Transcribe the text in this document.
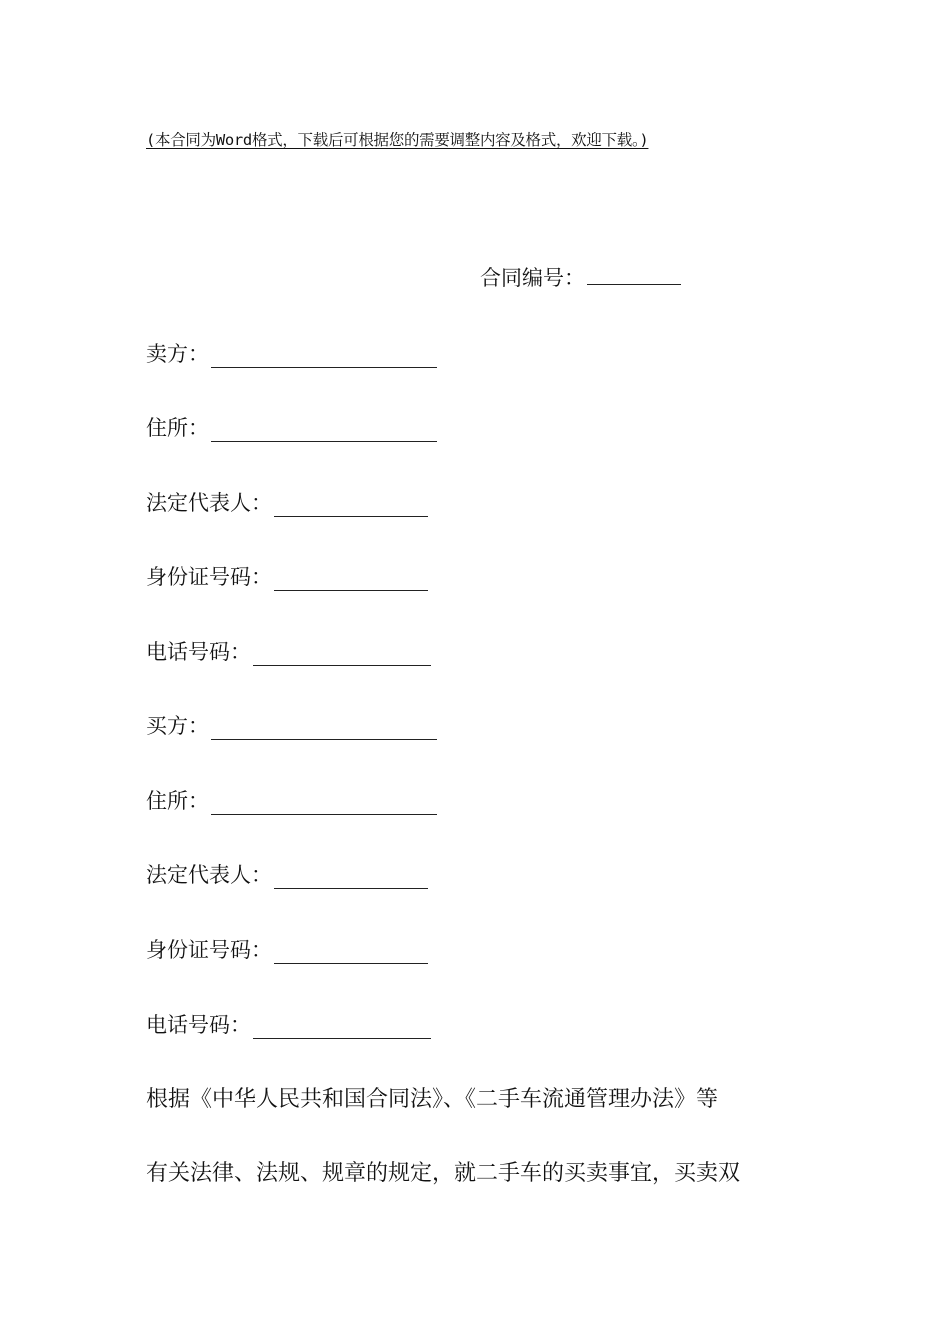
(本合同为Word格式，下载后可根据您的需要调整内容及格式，欢迎下载。)
合同编号：
卖方：
住所：
法定代表人：
身份证号码：
电话号码：
买方：
住所：
法定代表人：
身份证号码：
电话号码：
根据《中华人民共和国合同法》、《二手车流通管理办法》等
有关法律、法规、规章的规定，就二手车的买卖事宜，买卖双
